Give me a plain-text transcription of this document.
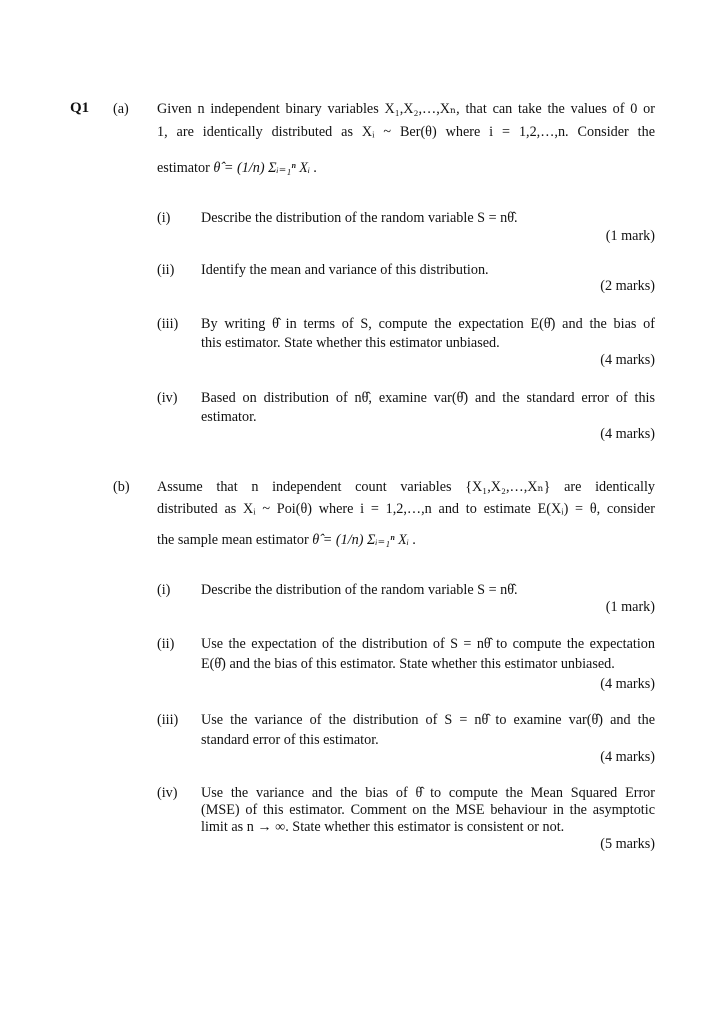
Q1 (a) Given n independent binary variables X₁,X₂,…,Xₙ, that can take the values of 0 or
1, are identically distributed as Xᵢ ~ Ber(θ) where i = 1,2,…,n. Consider the
estimator θ̂ = (1/n) Σᵢ₌₁ⁿ Xᵢ .
(i) Describe the distribution of the random variable S = nθ̂.
(1 mark)
(ii) Identify the mean and variance of this distribution.
(2 marks)
(iii) By writing θ̂ in terms of S, compute the expectation E(θ̂) and the bias of
this estimator. State whether this estimator unbiased.
(4 marks)
(iv) Based on distribution of nθ̂, examine var(θ̂) and the standard error of this
estimator.
(4 marks)
(b) Assume that n independent count variables {X₁,X₂,…,Xₙ} are identically
distributed as Xᵢ ~ Poi(θ) where i = 1,2,…,n and to estimate E(Xᵢ) = θ, consider
the sample mean estimator θ̂ = (1/n) Σᵢ₌₁ⁿ Xᵢ .
(i) Describe the distribution of the random variable S = nθ̂.
(1 mark)
(ii) Use the expectation of the distribution of S = nθ̂ to compute the expectation
E(θ̂) and the bias of this estimator. State whether this estimator unbiased.
(4 marks)
(iii) Use the variance of the distribution of S = nθ̂ to examine var(θ̂) and the
standard error of this estimator.
(4 marks)
(iv) Use the variance and the bias of θ̂ to compute the Mean Squared Error
(MSE) of this estimator. Comment on the MSE behaviour in the asymptotic
limit as n → ∞. State whether this estimator is consistent or not.
(5 marks)
